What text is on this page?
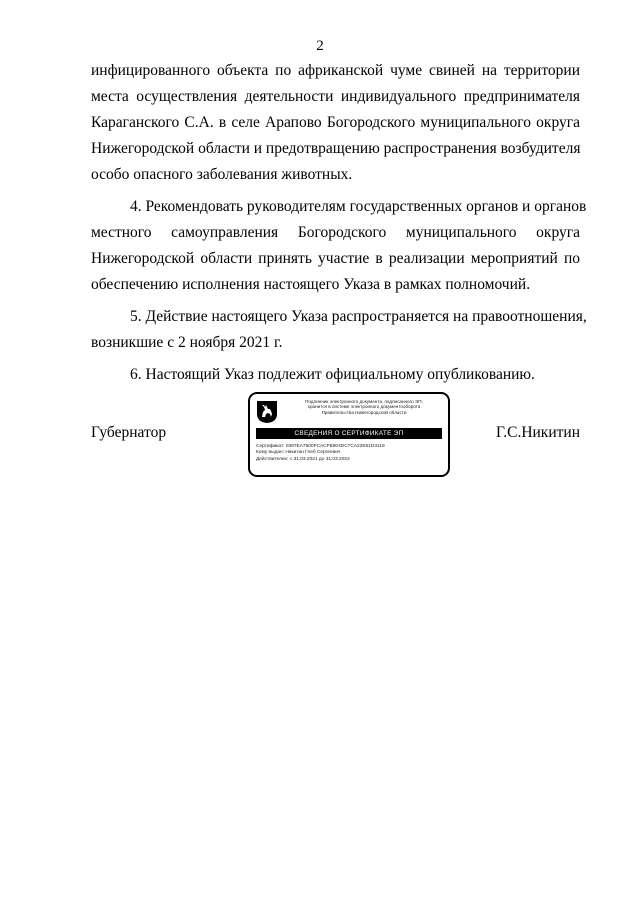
2

инфицированного объекта по африканской чуме свиней на территории
места осуществления деятельности индивидуального предпринимателя
Караганского С.А. в селе Арапово Богородского муниципального округа
Нижегородской области и предотвращению распространения возбудителя
особо опасного заболевания животных.

4. Рекомендовать руководителям государственных органов и органов
местного самоуправления Богородского муниципального округа
Нижегородской области принять участие в реализации мероприятий по
обеспечению исполнения настоящего Указа в рамках полномочий.

5. Действие настоящего Указа распространяется на правоотношения,
возникшие с 2 ноября 2021 г.

6. Настоящий Указ подлежит официальному опубликованию.

Губернатор
Подлинник электронного документа, подписанного ЭП,
хранится в системе электронного документооборота
Правительства Нижегородской области
СВЕДЕНИЯ О СЕРТИФИКАТЕ ЭП
Сертификат: 0397EA7500FCACFB904DC7CA22E61D3119
Кому выдан: Никитин Глеб Сергеевич
Действителен: с 31.03.2021 до 31.03.2022
Г.С.Никитин
